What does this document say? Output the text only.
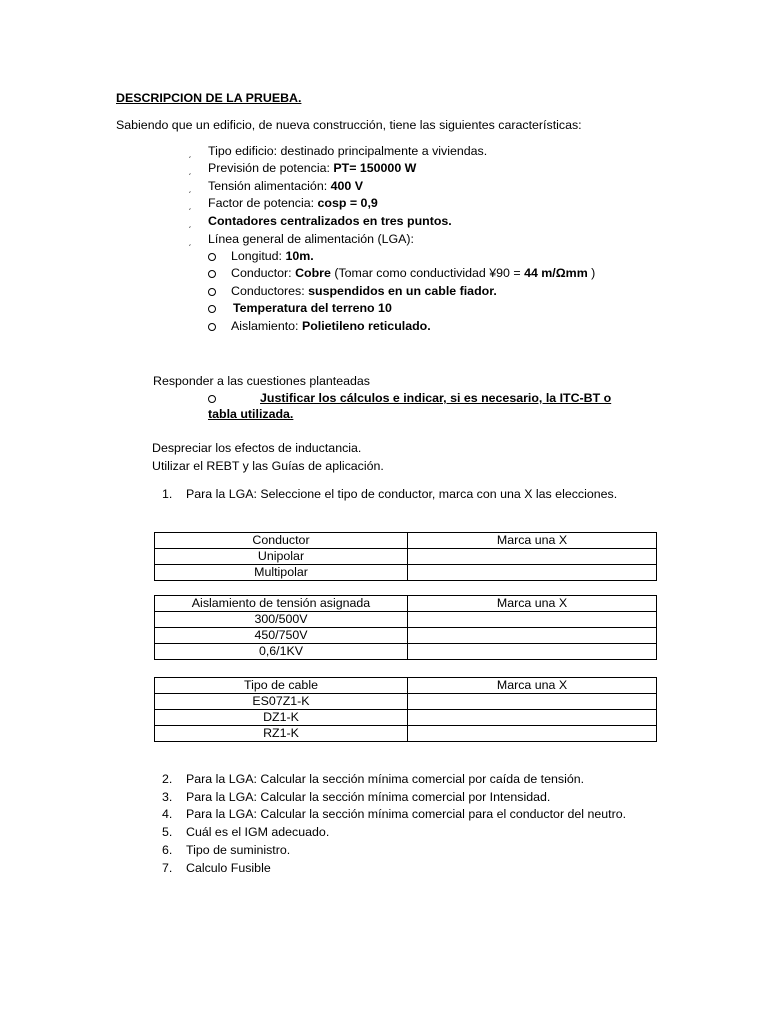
DESCRIPCION DE LA PRUEBA.
Sabiendo que un edificio, de nueva construcción, tiene las siguientes características:
ˏ Tipo edificio: destinado principalmente a viviendas.
ˏ Previsión de potencia: PT= 150000 W
ˏ Tensión alimentación: 400 V
ˏ Factor de potencia: cosp = 0,9
ˏ Contadores centralizados en tres puntos.
ˏ Línea general de alimentación (LGA):
Longitud: 10m.
Conductor: Cobre (Tomar como conductividad ¥90 = 44 m/Ωmm )
Conductores: suspendidos en un cable fiador.
Temperatura del terreno 10
Aislamiento: Polietileno reticulado.
Responder a las cuestiones planteadas
Justificar los cálculos e indicar, si es necesario, la ITC-BT o
tabla utilizada.
Despreciar los efectos de inductancia.
Utilizar el REBT y las Guías de aplicación.
1. Para la LGA: Seleccione el tipo de conductor, marca con una X las elecciones.
Conductor	Marca una X
Unipolar	
Multipolar	
Aislamiento de tensión asignada	Marca una X
300/500V	
450/750V	
0,6/1KV	
Tipo de cable	Marca una X
ES07Z1-K	
DZ1-K	
RZ1-K	
2. Para la LGA: Calcular la sección mínima comercial por caída de tensión.
3. Para la LGA: Calcular la sección mínima comercial por Intensidad.
4. Para la LGA: Calcular la sección mínima comercial para el conductor del neutro.
5. Cuál es el IGM adecuado.
6. Tipo de suministro.
7. Calculo Fusible
